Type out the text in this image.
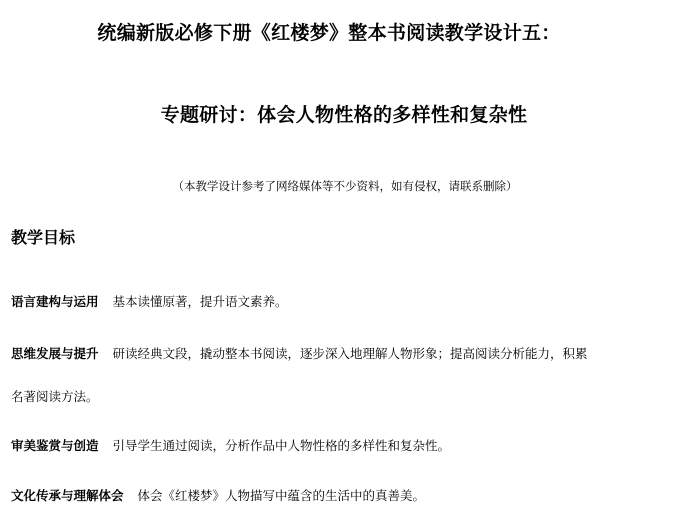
统编新版必修下册《红楼梦》整本书阅读教学设计五：
专题研讨：体会人物性格的多样性和复杂性
（本教学设计参考了网络媒体等不少资料，如有侵权，请联系删除）
教学目标
语言建构与运用 基本读懂原著，提升语文素养。
思维发展与提升 研读经典文段，撬动整本书阅读，逐步深入地理解人物形象；提高阅读分析能力，积累
名著阅读方法。
审美鉴赏与创造 引导学生通过阅读，分析作品中人物性格的多样性和复杂性。
文化传承与理解体会 体会《红楼梦》人物描写中蕴含的生活中的真善美。
